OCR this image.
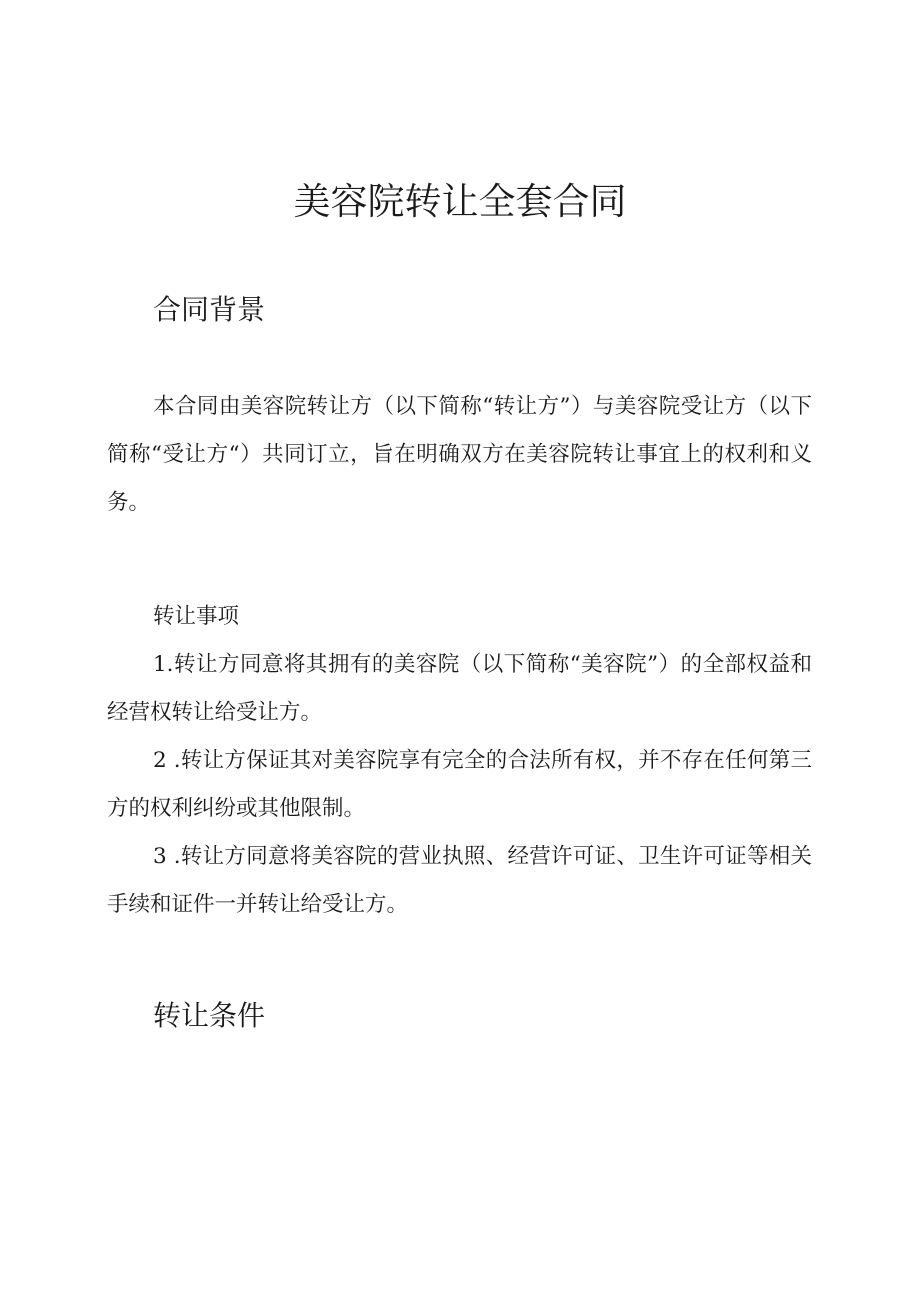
美容院转让全套合同
合同背景

本合同由美容院转让方（以下简称“转让方”）与美容院受让方（以下简称“受让方“）共同订立，旨在明确双方在美容院转让事宜上的权利和义务。

转让事项

1.转让方同意将其拥有的美容院（以下简称“美容院”）的全部权益和经营权转让给受让方。

2 .转让方保证其对美容院享有完全的合法所有权，并不存在任何第三方的权利纠纷或其他限制。

3 .转让方同意将美容院的营业执照、经营许可证、卫生许可证等相关手续和证件一并转让给受让方。

转让条件
